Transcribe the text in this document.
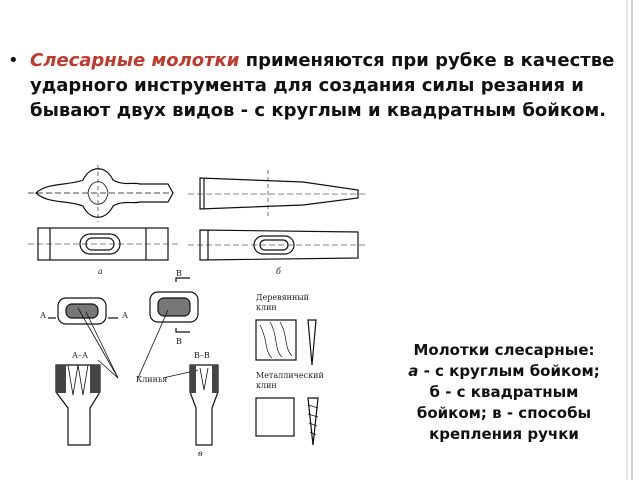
• Слесарные молотки применяются при рубке в качестве ударного инструмента для создания силы резания и бывают двух видов - с круглым и квадратным бойком.
а	б
в
А	А
В
В
А–А	В–В
Клинья
Деревянный
клин
Металлический
клин
Молотки слесарные:
а - с круглым бойком;
б - с квадратным
бойком; в - способы
крепления ручки
